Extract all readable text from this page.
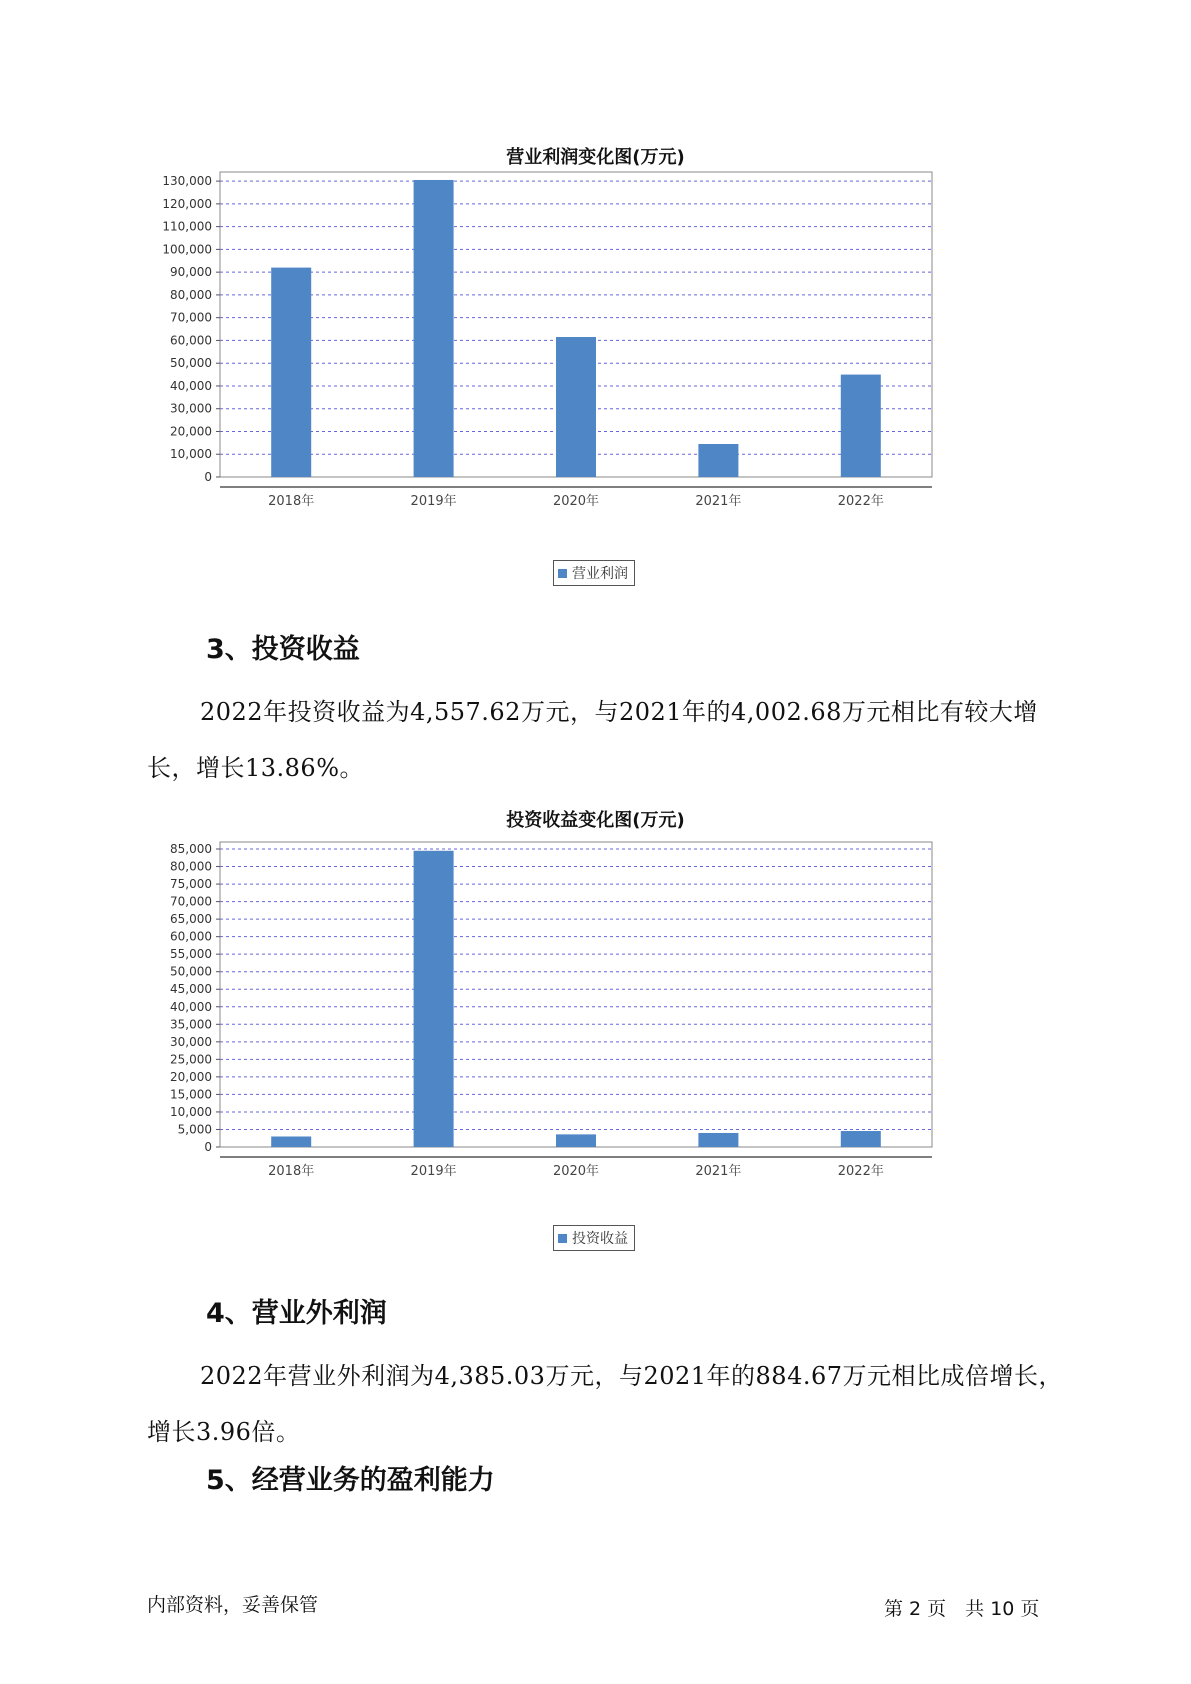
营业利润变化图(万元)
0
10,000
20,000
30,000
40,000
50,000
60,000
70,000
80,000
90,000
100,000
110,000
120,000
130,000
2018年	2019年	2020年	2021年	2022年
营业利润
3、投资收益
2022年投资收益为4,557.62万元，与2021年的4,002.68万元相比有较大增长，增长13.86%。
投资收益变化图(万元)
0
5,000
10,000
15,000
20,000
25,000
30,000
35,000
40,000
45,000
50,000
55,000
60,000
65,000
70,000
75,000
80,000
85,000
2018年	2019年	2020年	2021年	2022年
投资收益
4、营业外利润
2022年营业外利润为4,385.03万元，与2021年的884.67万元相比成倍增长，增长3.96倍。
5、经营业务的盈利能力
内部资料，妥善保管	第 2 页　共 10 页
